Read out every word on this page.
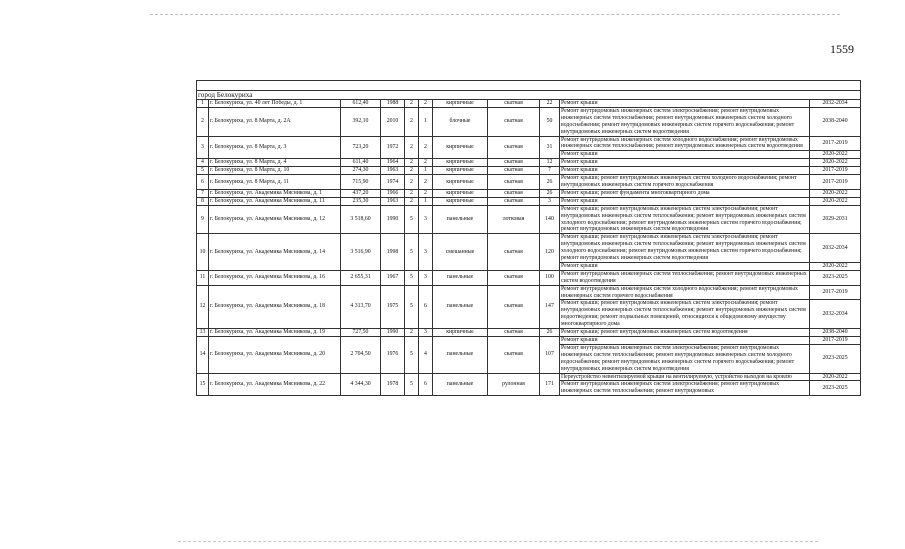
1559

город Белокуриха										
1	г. Белокуриха, ул. 40 лет Победы, д. 1	612,40	1988	2	2	кирпичные	скатная	22	Ремонт крыши	2032-2034
2	г. Белокуриха, ул. 8 Марта, д. 2А	392,10	2010	2	1	блочные	скатная	50	Ремонт внутридомовых инженерных систем электроснабжения; ремонт внутридомовых инженерных систем теплоснабжения; ремонт внутридомовых инженерных систем холодного водоснабжения; ремонт внутридомовых инженерных систем горячего водоснабжения; ремонт внутридомовых инженерных систем водоотведения	2038-2040
3	г. Белокуриха, ул. 8 Марта, д. 3	723,20	1972	2	2	кирпичные	скатная	31	Ремонт внутридомовых инженерных систем холодного водоснабжения; ремонт внутридомовых инженерных систем теплоснабжения; ремонт внутридомовых инженерных систем водоотведения	2017-2019
									Ремонт крыши	2020-2022
4	г. Белокуриха, ул. 8 Марта, д. 4	611,40	1964	2	2	кирпичные	скатная	12	Ремонт крыши	2020-2022
5	г. Белокуриха, ул. 8 Марта, д. 10	274,30	1963	2	1	кирпичные	скатная	7	Ремонт крыши	2017-2019
6	г. Белокуриха, ул. 8 Марта, д. 11	715,90	1974	2	2	кирпичные	скатная	26	Ремонт крыши; ремонт внутридомовых инженерных систем холодного водоснабжения; ремонт внутридомовых инженерных систем горячего водоснабжения	2017-2019
7	г. Белокуриха, ул. Академика Мясникова, д. 1	437,20	1966	2	2	кирпичные	скатная	26	Ремонт крыши; ремонт фундамента многоквартирного дома	2020-2022
8	г. Белокуриха, ул. Академика Мясникова, д. 11	235,30	1963	2	1	кирпичные	скатная	3	Ремонт крыши	2020-2022
9	г. Белокуриха, ул. Академика Мясникова, д. 12	3 518,60	1990	5	3	панельные	лотковая	140	Ремонт крыши; ремонт внутридомовых инженерных систем электроснабжения; ремонт внутридомовых инженерных систем теплоснабжения; ремонт внутридомовых инженерных систем холодного водоснабжения; ремонт внутридомовых инженерных систем горячего водоснабжения; ремонт внутридомовых инженерных систем водоотведения	2029-2031
10	г. Белокуриха, ул. Академика Мясникова, д. 14	3 516,90	1998	5	3	смешанные	скатная	120	Ремонт крыши; ремонт внутридомовых инженерных систем электроснабжения; ремонт внутридомовых инженерных систем теплоснабжения; ремонт внутридомовых инженерных систем холодного водоснабжения; ремонт внутридомовых инженерных систем горячего водоснабжения; ремонт внутридомовых инженерных систем водоотведения	2032-2034
									Ремонт крыши	2020-2022
11	г. Белокуриха, ул. Академика Мясникова, д. 16	2 655,31	1967	5	3	панельные	скатная	100	Ремонт внутридомовых инженерных систем теплоснабжения; ремонт внутридомовых инженерных систем водоотведения	2023-2025
12	г. Белокуриха, ул. Академика Мясникова, д. 18	4 313,70	1975	5	6	панельные	скатная	147	Ремонт внутридомовых инженерных систем холодного водоснабжения; ремонт внутридомовых инженерных систем горячего водоснабжения	2017-2019
									Ремонт крыши; ремонт внутридомовых инженерных систем электроснабжения; ремонт внутридомовых инженерных систем теплоснабжения; ремонт внутридомовых инженерных систем водоотведения; ремонт подвальных помещений, относящихся к общедомовому имуществу многоквартирного дома	2032-2034
13	г. Белокуриха, ул. Академика Мясникова, д. 19	727,50	1990	2	3	кирпичные	скатная	26	Ремонт крыши; ремонт внутридомовых инженерных систем водоотведения	2038-2040
14	г. Белокуриха, ул. Академика Мясникова, д. 20	2 704,50	1976	5	4	панельные	скатная	107	Ремонт крыши	2017-2019
									Ремонт внутридомовых инженерных систем электроснабжения; ремонт внутридомовых инженерных систем теплоснабжения; ремонт внутридомовых инженерных систем холодного водоснабжения; ремонт внутридомовых инженерных систем горячего водоснабжения; ремонт внутридомовых инженерных систем водоотведения	2023-2025
15	г. Белокуриха, ул. Академика Мясникова, д. 22	4 344,30	1978	5	6	панельные	рулонная	171	Переустройство невентилируемой крыши на вентилируемую, устройство выходов на кровлю	2020-2022
									Ремонт внутридомовых инженерных систем электроснабжения; ремонт внутридомовых инженерных систем теплоснабжения; ремонт внутридомовых	2023-2025
